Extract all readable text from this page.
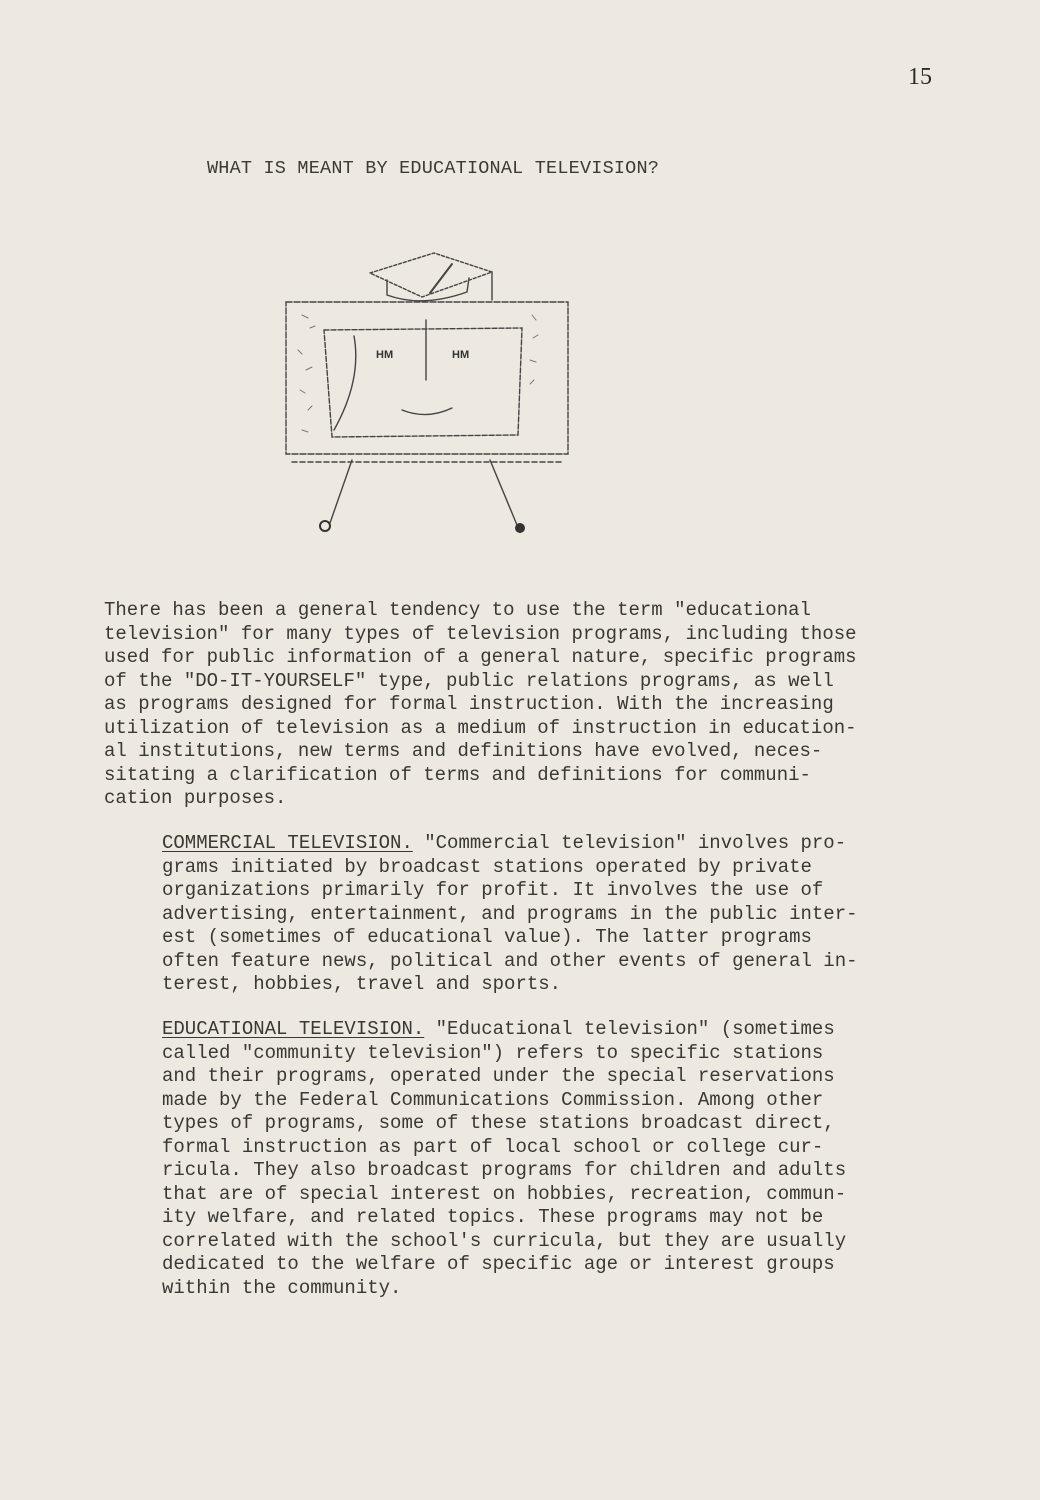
15
WHAT IS MEANT BY EDUCATIONAL TELEVISION?
HM	HM
There has been a general tendency to use the term "educational
television" for many types of television programs, including those
used for public information of a general nature, specific programs
of the "DO-IT-YOURSELF" type, public relations programs, as well
as programs designed for formal instruction. With the increasing
utilization of television as a medium of instruction in education-
al institutions, new terms and definitions have evolved, neces-
sitating a clarification of terms and definitions for communi-
cation purposes.
COMMERCIAL TELEVISION. "Commercial television" involves pro-
grams initiated by broadcast stations operated by private
organizations primarily for profit. It involves the use of
advertising, entertainment, and programs in the public inter-
est (sometimes of educational value). The latter programs
often feature news, political and other events of general in-
terest, hobbies, travel and sports.
EDUCATIONAL TELEVISION. "Educational television" (sometimes
called "community television") refers to specific stations
and their programs, operated under the special reservations
made by the Federal Communications Commission. Among other
types of programs, some of these stations broadcast direct,
formal instruction as part of local school or college cur-
ricula. They also broadcast programs for children and adults
that are of special interest on hobbies, recreation, commun-
ity welfare, and related topics. These programs may not be
correlated with the school's curricula, but they are usually
dedicated to the welfare of specific age or interest groups
within the community.
